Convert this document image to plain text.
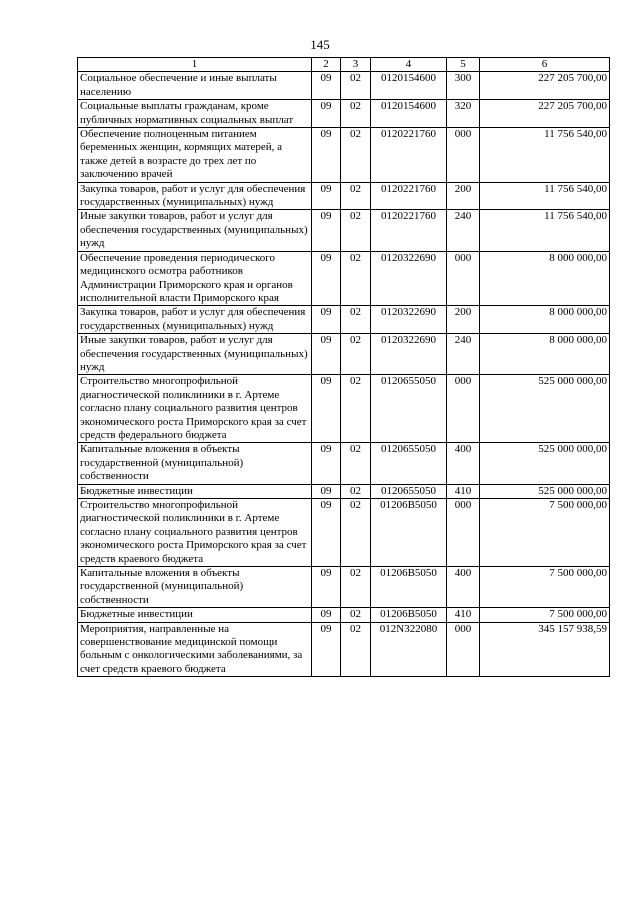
145
1	2	3	4	5	6
Социальное обеспечение и иные выплаты населению	09	02	0120154600	300	227 205 700,00
Социальные выплаты гражданам, кроме публичных нормативных социальных выплат	09	02	0120154600	320	227 205 700,00
Обеспечение полноценным питанием беременных женщин, кормящих матерей, а также детей в возрасте до трех лет по заключению врачей	09	02	0120221760	000	11 756 540,00
Закупка товаров, работ и услуг для обеспечения государственных (муниципальных) нужд	09	02	0120221760	200	11 756 540,00
Иные закупки товаров, работ и услуг для обеспечения государственных (муниципальных) нужд	09	02	0120221760	240	11 756 540,00
Обеспечение проведения периодического медицинского осмотра работников Администрации Приморского края и органов исполнительной власти Приморского края	09	02	0120322690	000	8 000 000,00
Закупка товаров, работ и услуг для обеспечения государственных (муниципальных) нужд	09	02	0120322690	200	8 000 000,00
Иные закупки товаров, работ и услуг для обеспечения государственных (муниципальных) нужд	09	02	0120322690	240	8 000 000,00
Строительство многопрофильной диагностической поликлиники в г. Артеме согласно плану социального развития центров экономического роста Приморского края за счет средств федерального бюджета	09	02	0120655050	000	525 000 000,00
Капитальные вложения в объекты государственной (муниципальной) собственности	09	02	0120655050	400	525 000 000,00
Бюджетные инвестиции	09	02	0120655050	410	525 000 000,00
Строительство многопрофильной диагностической поликлиники в г. Артеме согласно плану социального развития центров экономического роста Приморского края за счет средств краевого бюджета	09	02	01206В5050	000	7 500 000,00
Капитальные вложения в объекты государственной (муниципальной) собственности	09	02	01206В5050	400	7 500 000,00
Бюджетные инвестиции	09	02	01206В5050	410	7 500 000,00
Мероприятия, направленные на совершенствование медицинской помощи больным с онкологическими заболеваниями, за счет средств краевого бюджета	09	02	012N322080	000	345 157 938,59
